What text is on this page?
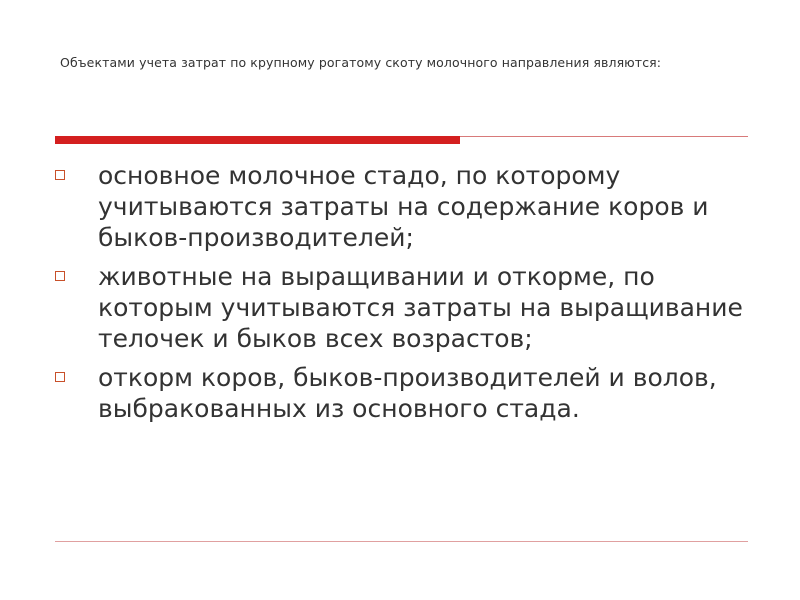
Объектами учета затрат по крупному рогатому скоту молочного направления являются:
основное молочное стадо, по которому учитываются затраты на содержание коров и быков-производителей;
животные на выращивании и откорме, по которым учитываются затраты на выращивание телочек и быков всех возрастов;
откорм коров, быков-производителей и волов, выбракованных из основного стада.
